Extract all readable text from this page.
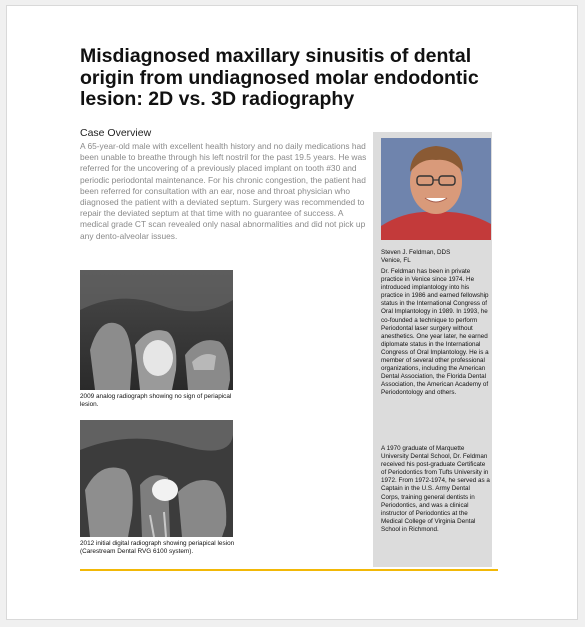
Misdiagnosed maxillary sinusitis of dental origin from undiagnosed molar endodontic lesion: 2D vs. 3D radiography
Case Overview

A 65-year-old male with excellent health history and no daily medications had been unable to breathe through his left nostril for the past 19.5 years. He was referred for the uncovering of a previously placed implant on tooth #30 and periodic periodontal maintenance. For his chronic congestion, the patient had been referred for consultation with an ear, nose and throat physician who diagnosed the patient with a deviated septum. Surgery was recommended to repair the deviated septum at that time with no guarantee of success. A medical grade CT scan revealed only nasal abnormalities and did not pick up any dento-alveolar issues.

2009 analog radiograph showing no sign of periapical lesion.
2012 initial digital radiograph showing periapical lesion (Carestream Dental RVG 6100 system).
Steven J. Feldman, DDS
Venice, FL
Dr. Feldman has been in private practice in Venice since 1974. He introduced implantology into his practice in 1986 and earned fellowship status in the International Congress of Oral Implantology in 1989. In 1993, he co-founded a technique to perform Periodontal laser surgery without anesthetics. One year later, he earned diplomate status in the International Congress of Oral Implantology. He is a member of several other professional organizations, including the American Dental Association, the Florida Dental Association, the American Academy of Periodontology and others.
A 1970 graduate of Marquette University Dental School, Dr. Feldman received his post-graduate Certificate of Periodontics from Tufts University in 1972. From 1972-1974, he served as a Captain in the U.S. Army Dental Corps, training general dentists in Periodontics, and was a clinical instructor of Periodontics at the Medical College of Virginia Dental School in Richmond.
